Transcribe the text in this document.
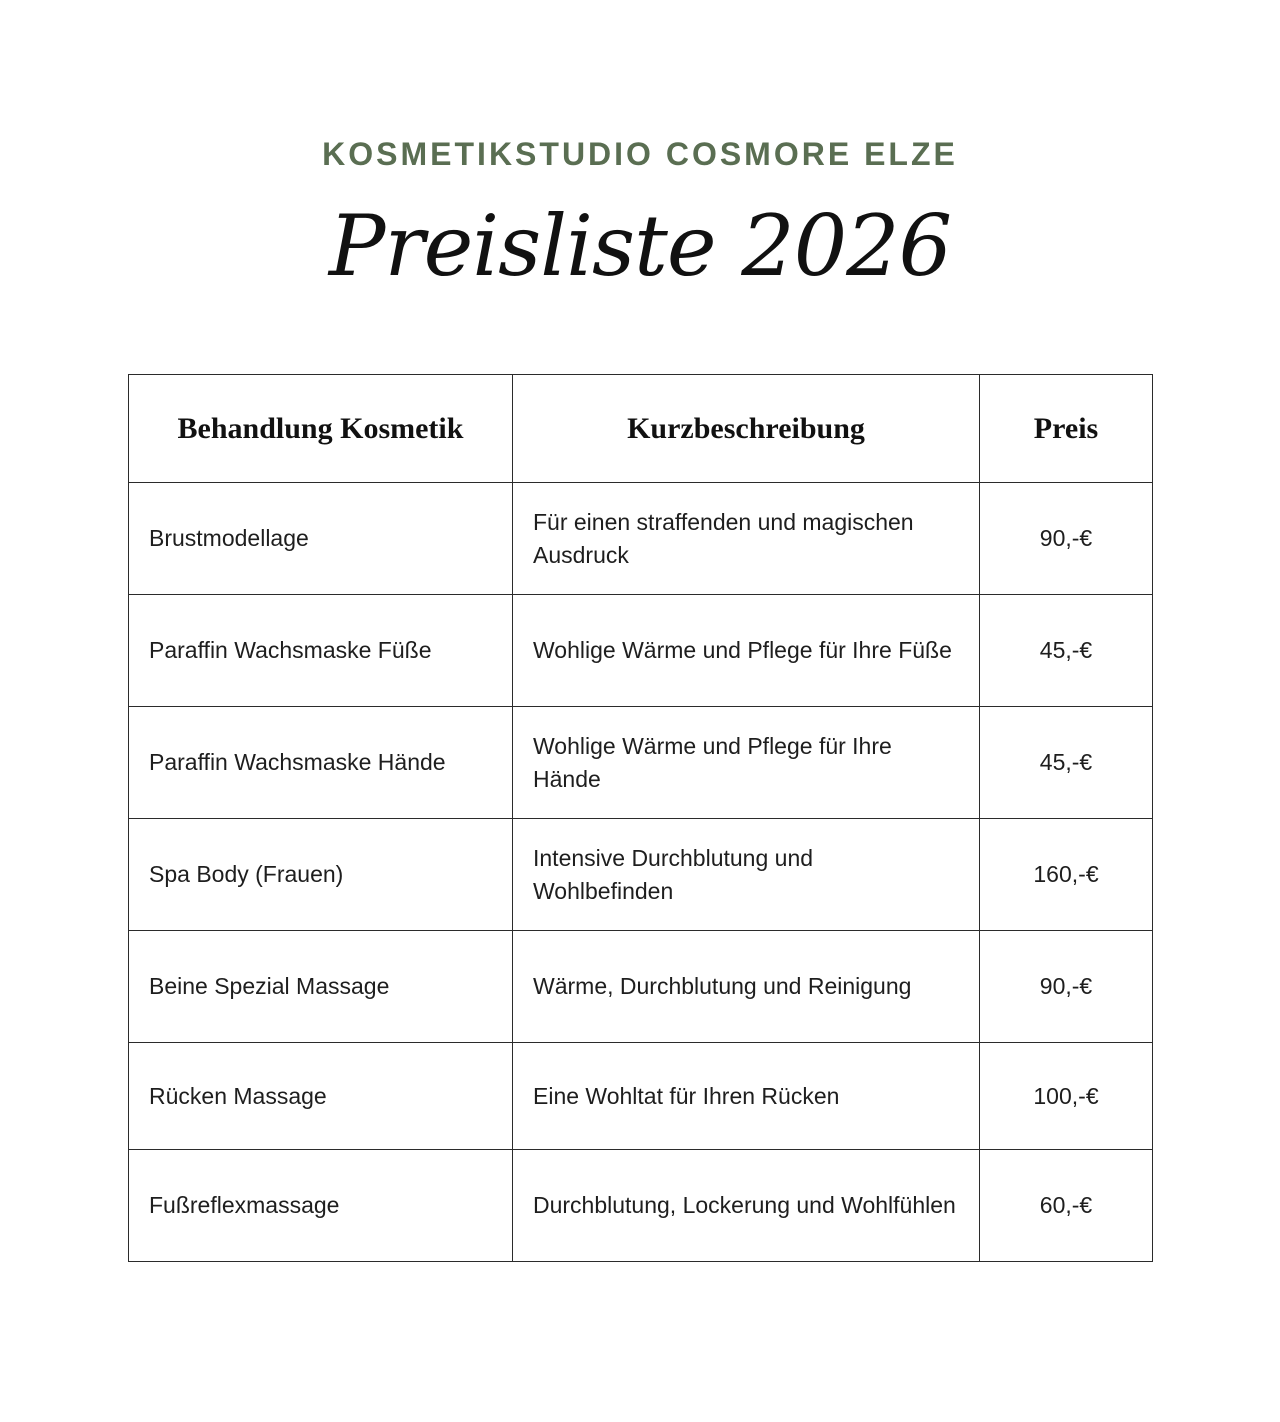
KOSMETIKSTUDIO COSMORE ELZE
Preisliste 2026
Behandlung Kosmetik	Kurzbeschreibung	Preis
Brustmodellage	Für einen straffenden und magischen Ausdruck	90,-€
Paraffin Wachsmaske Füße	Wohlige Wärme und Pflege für Ihre Füße	45,-€
Paraffin Wachsmaske Hände	Wohlige Wärme und Pflege für Ihre Hände	45,-€
Spa Body (Frauen)	Intensive Durchblutung und Wohlbefinden	160,-€
Beine Spezial Massage	Wärme, Durchblutung und Reinigung	90,-€
Rücken Massage	Eine Wohltat für Ihren Rücken	100,-€
Fußreflexmassage	Durchblutung, Lockerung und Wohlfühlen	60,-€
